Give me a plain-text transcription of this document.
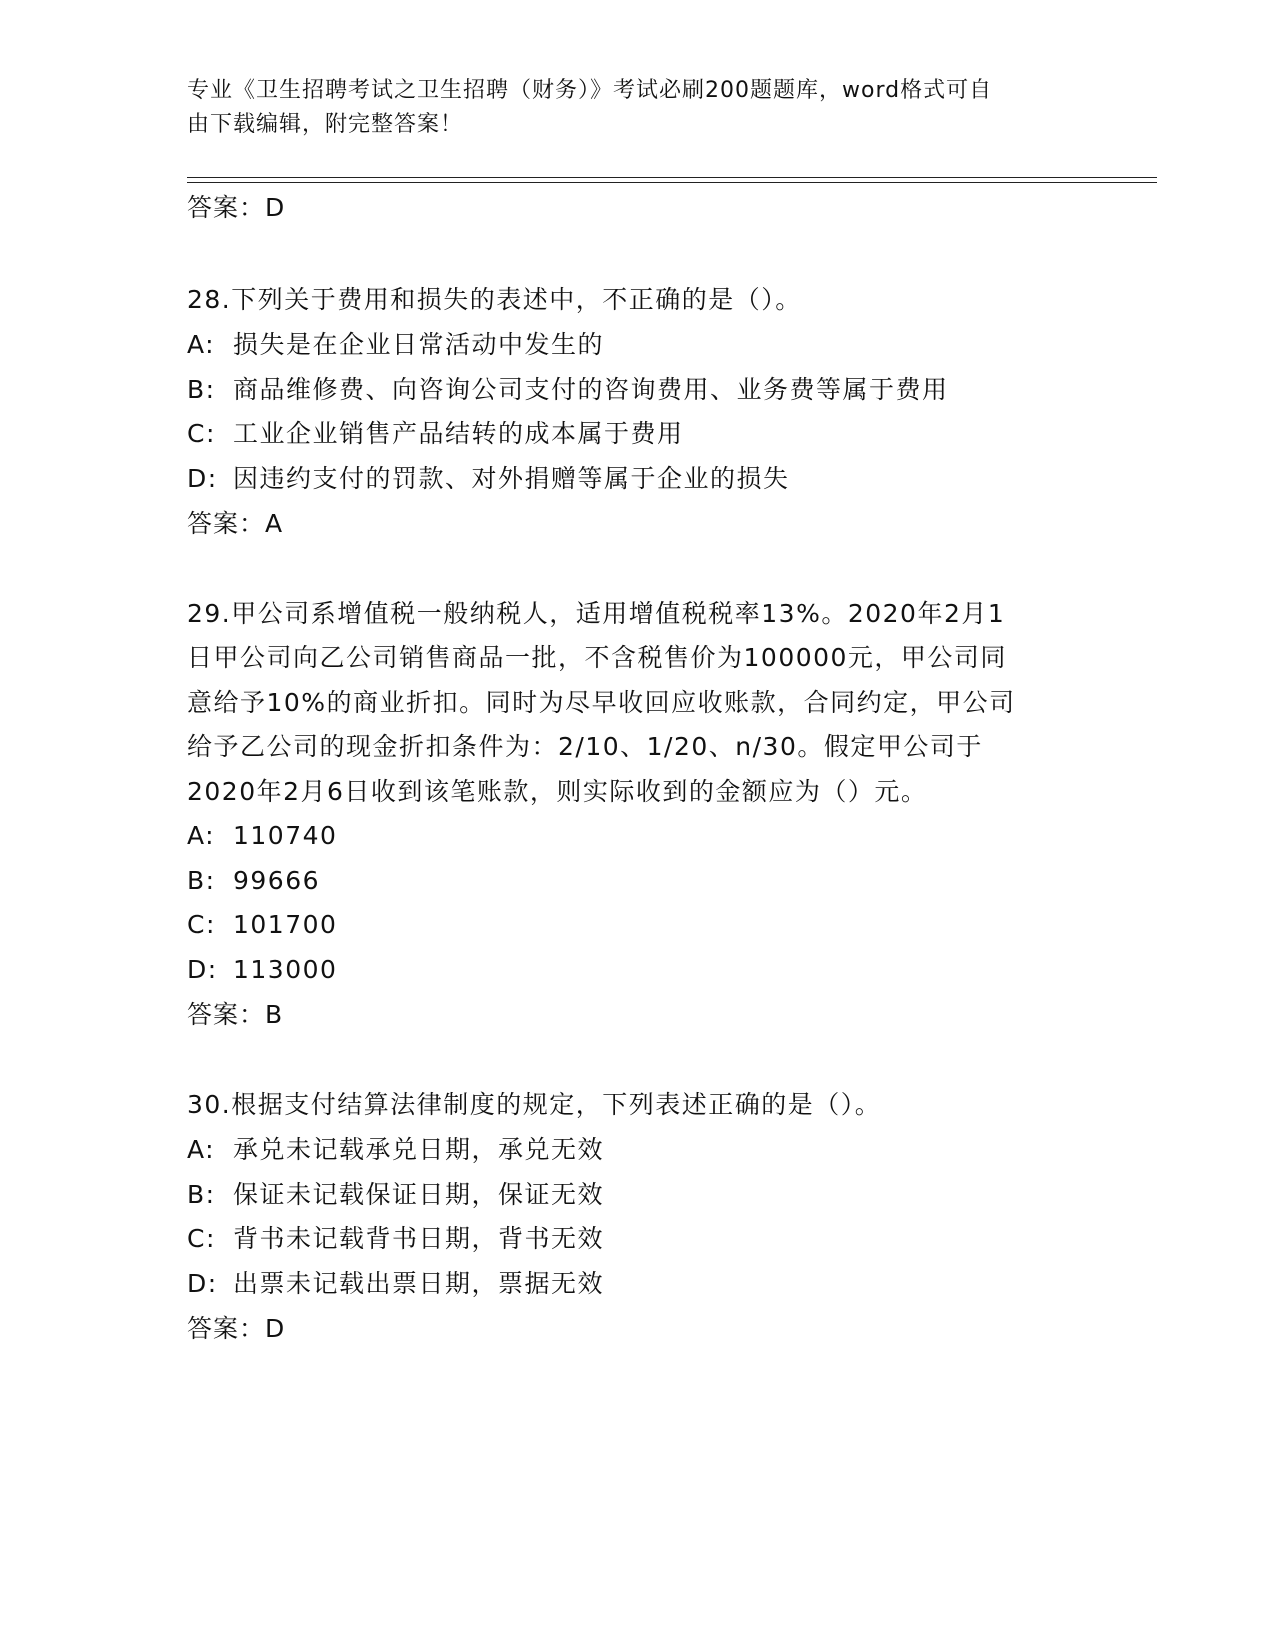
专业《卫生招聘考试之卫生招聘（财务）》考试必刷200题题库，word格式可自
由下载编辑，附完整答案！
答案：D
28.下列关于费用和损失的表述中，不正确的是（）。
A: 损失是在企业日常活动中发生的
B: 商品维修费、向咨询公司支付的咨询费用、业务费等属于费用
C: 工业企业销售产品结转的成本属于费用
D: 因违约支付的罚款、对外捐赠等属于企业的损失
答案：A
29.甲公司系增值税一般纳税人，适用增值税税率13%。2020年2月1
日甲公司向乙公司销售商品一批，不含税售价为100000元，甲公司同
意给予10%的商业折扣。同时为尽早收回应收账款，合同约定，甲公司
给予乙公司的现金折扣条件为：2/10、1/20、n/30。假定甲公司于
2020年2月6日收到该笔账款，则实际收到的金额应为（）元。
A: 110740
B: 99666
C: 101700
D: 113000
答案：B
30.根据支付结算法律制度的规定，下列表述正确的是（）。
A: 承兑未记载承兑日期，承兑无效
B: 保证未记载保证日期，保证无效
C: 背书未记载背书日期，背书无效
D: 出票未记载出票日期，票据无效
答案：D
